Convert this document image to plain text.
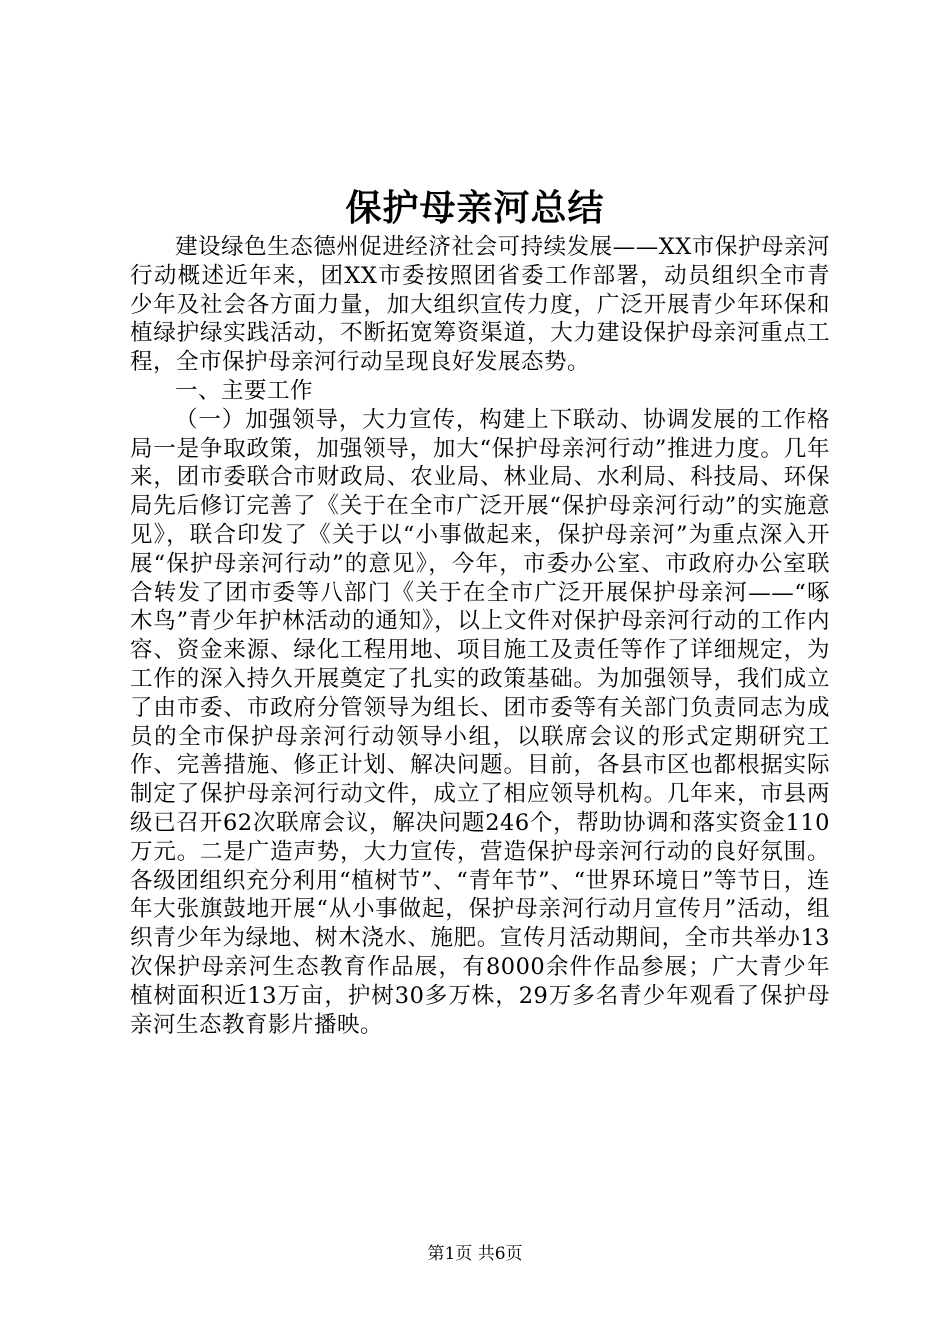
保护母亲河总结

建设绿色生态德州促进经济社会可持续发展——XX市保护母亲河行动概述近年来，团XX市委按照团省委工作部署，动员组织全市青少年及社会各方面力量，加大组织宣传力度，广泛开展青少年环保和植绿护绿实践活动，不断拓宽筹资渠道，大力建设保护母亲河重点工程，全市保护母亲河行动呈现良好发展态势。

一、主要工作

（一）加强领导，大力宣传，构建上下联动、协调发展的工作格局一是争取政策，加强领导，加大“保护母亲河行动”推进力度。几年来，团市委联合市财政局、农业局、林业局、水利局、科技局、环保局先后修订完善了《关于在全市广泛开展“保护母亲河行动”的实施意见》，联合印发了《关于以“小事做起来，保护母亲河”为重点深入开展“保护母亲河行动”的意见》，今年，市委办公室、市政府办公室联合转发了团市委等八部门《关于在全市广泛开展保护母亲河——“啄木鸟”青少年护林活动的通知》，以上文件对保护母亲河行动的工作内容、资金来源、绿化工程用地、项目施工及责任等作了详细规定，为工作的深入持久开展奠定了扎实的政策基础。为加强领导，我们成立了由市委、市政府分管领导为组长、团市委等有关部门负责同志为成员的全市保护母亲河行动领导小组，以联席会议的形式定期研究工作、完善措施、修正计划、解决问题。目前，各县市区也都根据实际制定了保护母亲河行动文件，成立了相应领导机构。几年来，市县两级已召开62次联席会议，解决问题246个，帮助协调和落实资金110万元。二是广造声势，大力宣传，营造保护母亲河行动的良好氛围。各级团组织充分利用“植树节”、“青年节”、“世界环境日”等节日，连年大张旗鼓地开展“从小事做起，保护母亲河行动月宣传月”活动，组织青少年为绿地、树木浇水、施肥。宣传月活动期间，全市共举办13次保护母亲河生态教育作品展，有8000余件作品参展；广大青少年植树面积近13万亩，护树30多万株，29万多名青少年观看了保护母亲河生态教育影片播映。

第1页 共6页
